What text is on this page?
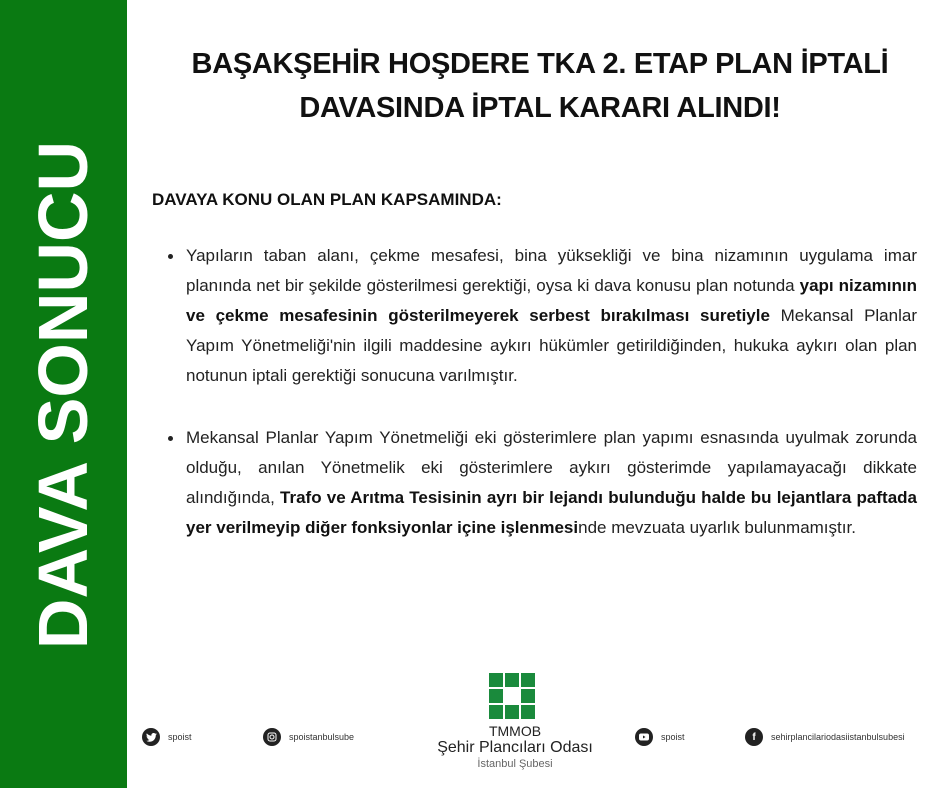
DAVA SONUCU
BAŞAKŞEHİR HOŞDERE TKA 2. ETAP PLAN İPTALİ
DAVASINDA İPTAL KARARI ALINDI!
DAVAYA KONU OLAN PLAN KAPSAMINDA:
Yapıların taban alanı, çekme mesafesi, bina yüksekliği ve bina nizamının uygulama imar planında net bir şekilde gösterilmesi gerektiği, oysa ki dava konusu plan notunda yapı nizamının ve çekme mesafesinin gösterilmeyerek serbest bırakılması suretiyle Mekansal Planlar Yapım Yönetmeliği'nin ilgili maddesine aykırı hükümler getirildiğinden, hukuka aykırı olan plan notunun iptali gerektiği sonucuna varılmıştır.
Mekansal Planlar Yapım Yönetmeliği eki gösterimlere plan yapımı esnasında uyulmak zorunda olduğu, anılan Yönetmelik eki gösterimlere aykırı gösterimde yapılamayacağı dikkate alındığında, Trafo ve Arıtma Tesisinin ayrı bir lejandı bulunduğu halde bu lejantlara paftada yer verilmeyip diğer fonksiyonlar içine işlenmesinde mevzuata uyarlık bulunmamıştır.
spoist	spoistanbulsube	TMMOB
Şehir Plancıları Odası
İstanbul Şubesi
spoist	f	sehirplancilariodasiistanbulsubesi
